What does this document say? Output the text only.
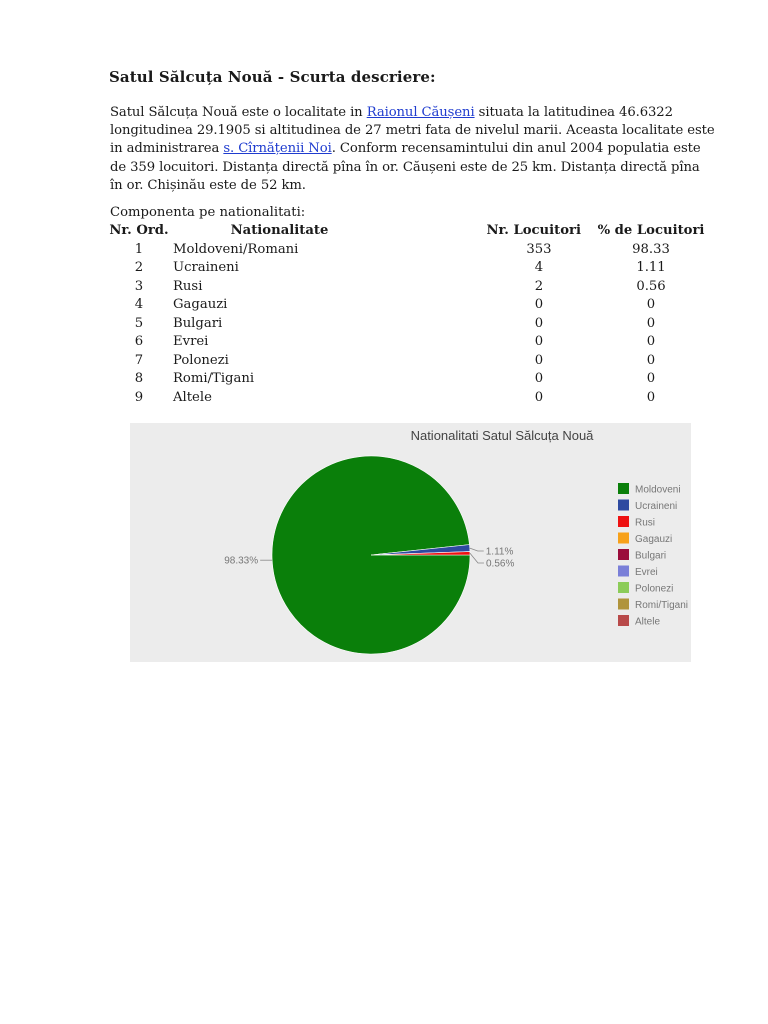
Satul Sălcuța Nouă - Scurta descriere:
Satul Sălcuța Nouă este o localitate in Raionul Căușeni situata la latitudinea 46.6322 longitudinea 29.1905 si altitudinea de 27 metri fata de nivelul marii. Aceasta localitate este in administrarea s. Cîrnățenii Noi. Conform recensamintului din anul 2004 populatia este de 359 locuitori. Distanța directă pîna în or. Căușeni este de 25 km. Distanța directă pîna în or. Chișinău este de 52 km.
Componenta pe nationalitati:
Nr. Ord.	Nationalitate	Nr. Locuitori	% de Locuitori
1	Moldoveni/Romani	353	98.33
2	Ucraineni	4	1.11
3	Rusi	2	0.56
4	Gagauzi	0	0
5	Bulgari	0	0
6	Evrei	0	0
7	Polonezi	0	0
8	Romi/Tigani	0	0
9	Altele	0	0
Nationalitati Satul Sălcuța Nouă
98.33%
1.11%
0.56%
Moldoveni
Ucraineni
Rusi
Gagauzi
Bulgari
Evrei
Polonezi
Romi/Tigani
Altele
